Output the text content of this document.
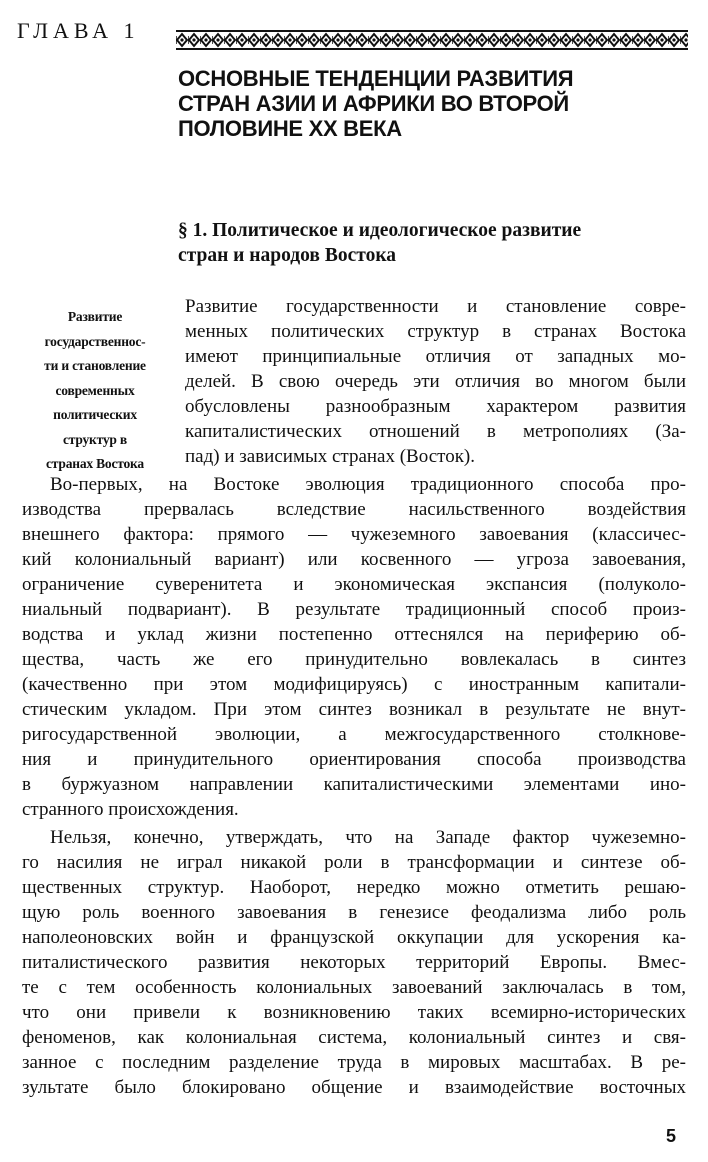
ГЛАВА 1
ОСНОВНЫЕ ТЕНДЕНЦИИ РАЗВИТИЯ
СТРАН АЗИИ И АФРИКИ ВО ВТОРОЙ
ПОЛОВИНЕ XX ВЕКА
§ 1. Политическое и идеологическое развитие
стран и народов Востока
Развитие
государственнос-
ти и становление
современных
политических
структур в
странах Востока
Развитие государственности и становление совре-
менных политических структур в странах Востока
имеют принципиальные отличия от западных мо-
делей. В свою очередь эти отличия во многом были
обусловлены разнообразным характером развития
капиталистических отношений в метрополиях (За-
пад) и зависимых странах (Восток).
Во-первых, на Востоке эволюция традиционного способа про-
изводства прервалась вследствие насильственного воздействия
внешнего фактора: прямого — чужеземного завоевания (классичес-
кий колониальный вариант) или косвенного — угроза завоевания,
ограничение суверенитета и экономическая экспансия (полуколо-
ниальный подвариант). В результате традиционный способ произ-
водства и уклад жизни постепенно оттеснялся на периферию об-
щества, часть же его принудительно вовлекалась в синтез
(качественно при этом модифицируясь) с иностранным капитали-
стическим укладом. При этом синтез возникал в результате не внут-
ригосударственной эволюции, а межгосударственного столкнове-
ния и принудительного ориентирования способа производства
в буржуазном направлении капиталистическими элементами ино-
странного происхождения.
Нельзя, конечно, утверждать, что на Западе фактор чужеземно-
го насилия не играл никакой роли в трансформации и синтезе об-
щественных структур. Наоборот, нередко можно отметить решаю-
щую роль военного завоевания в генезисе феодализма либо роль
наполеоновских войн и французской оккупации для ускорения ка-
питалистического развития некоторых территорий Европы. Вмес-
те с тем особенность колониальных завоеваний заключалась в том,
что они привели к возникновению таких всемирно-исторических
феноменов, как колониальная система, колониальный синтез и свя-
занное с последним разделение труда в мировых масштабах. В ре-
зультате было блокировано общение и взаимодействие восточных
5
